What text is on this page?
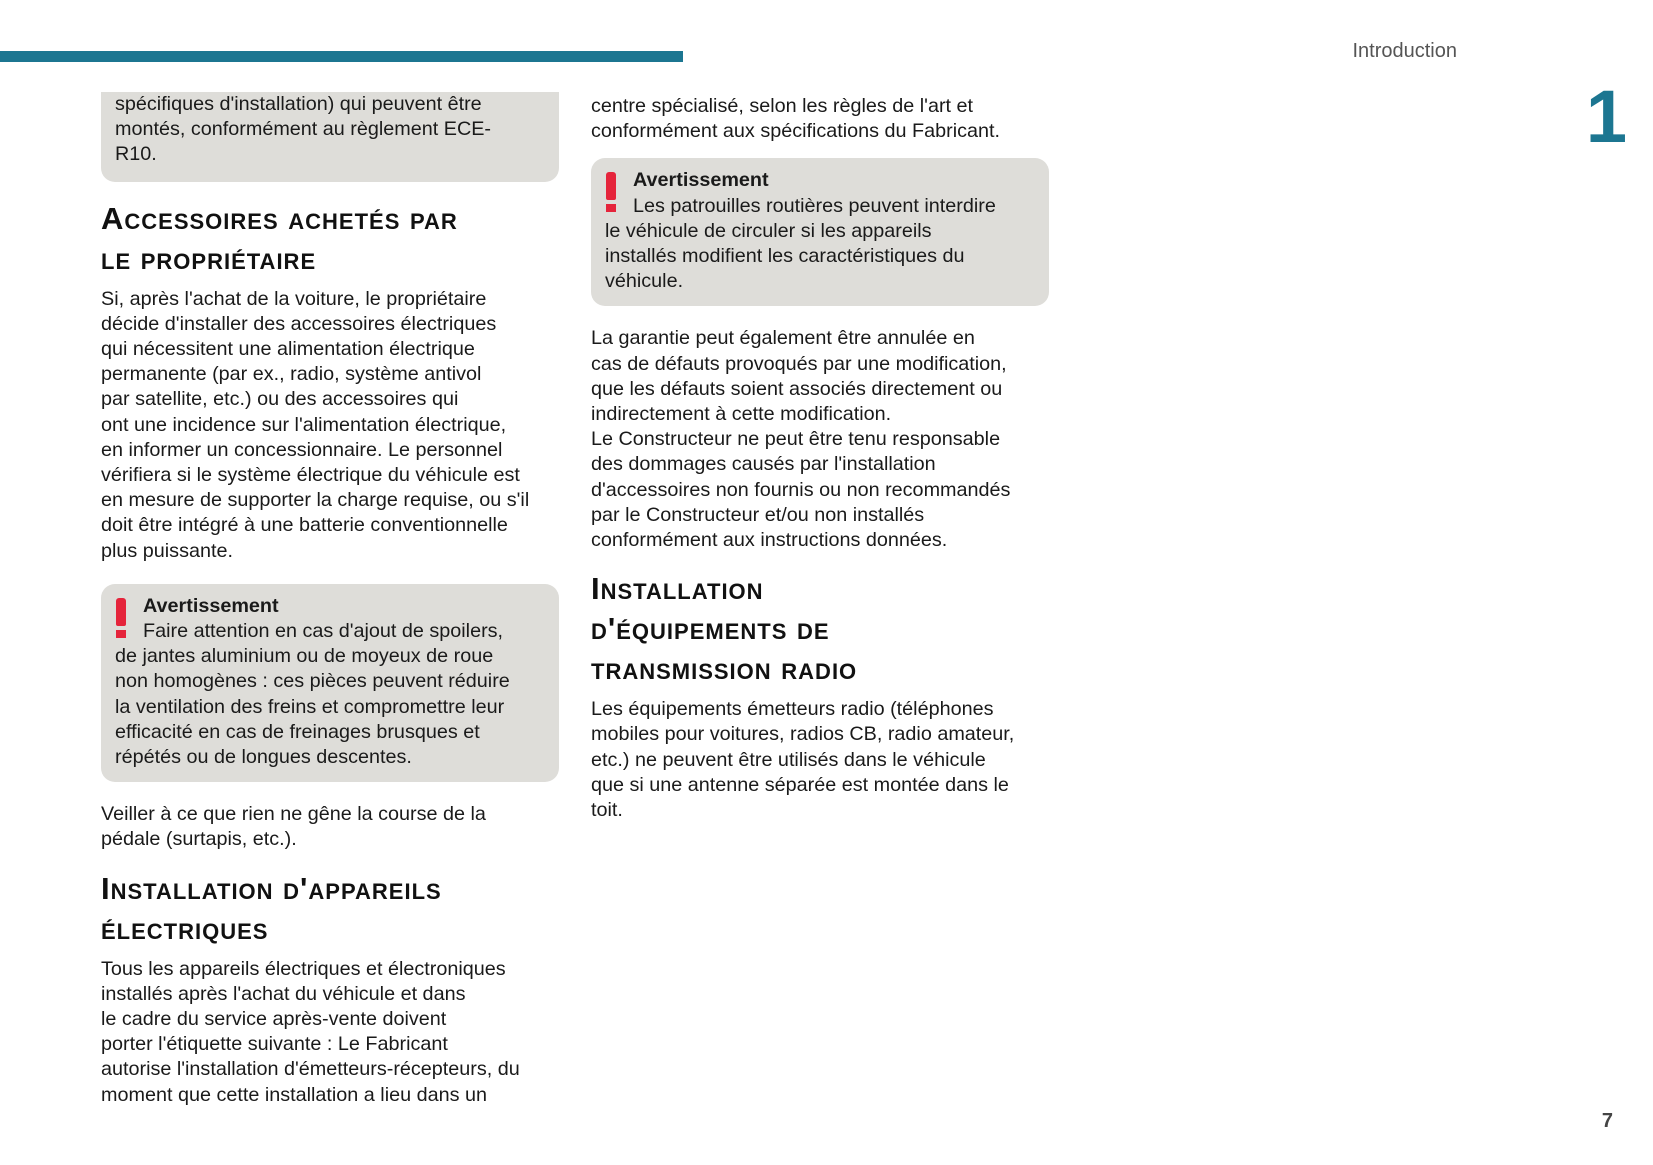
Introduction
1

spécifiques d'installation) qui peuvent être

montés, conformément au règlement ECE-

R10.

Accessoires achetés par
le propriétaire

Si, après l'achat de la voiture, le propriétaire

décide d'installer des accessoires électriques

qui nécessitent une alimentation électrique

permanente (par ex., radio, système antivol

par satellite, etc.) ou des accessoires qui

ont une incidence sur l'alimentation électrique,

en informer un concessionnaire. Le personnel

vérifiera si le système électrique du véhicule est

en mesure de supporter la charge requise, ou s'il

doit être intégré à une batterie conventionnelle

plus puissante.

Avertissement

Faire attention en cas d'ajout de spoilers,

de jantes aluminium ou de moyeux de roue

non homogènes : ces pièces peuvent réduire

la ventilation des freins et compromettre leur

efficacité en cas de freinages brusques et

répétés ou de longues descentes.

Veiller à ce que rien ne gêne la course de la

pédale (surtapis, etc.).

Installation d'appareils
électriques

Tous les appareils électriques et électroniques

installés après l'achat du véhicule et dans

le cadre du service après-vente doivent

porter l'étiquette suivante : Le Fabricant

autorise l'installation d'émetteurs-récepteurs, du

moment que cette installation a lieu dans un

centre spécialisé, selon les règles de l'art et

conformément aux spécifications du Fabricant.

Avertissement

Les patrouilles routières peuvent interdire

le véhicule de circuler si les appareils

installés modifient les caractéristiques du

véhicule.

La garantie peut également être annulée en

cas de défauts provoqués par une modification,

que les défauts soient associés directement ou

indirectement à cette modification.

Le Constructeur ne peut être tenu responsable

des dommages causés par l'installation

d'accessoires non fournis ou non recommandés

par le Constructeur et/ou non installés

conformément aux instructions données.

Installation
d'équipements de
transmission radio

Les équipements émetteurs radio (téléphones

mobiles pour voitures, radios CB, radio amateur,

etc.) ne peuvent être utilisés dans le véhicule

que si une antenne séparée est montée dans le

toit.

7
